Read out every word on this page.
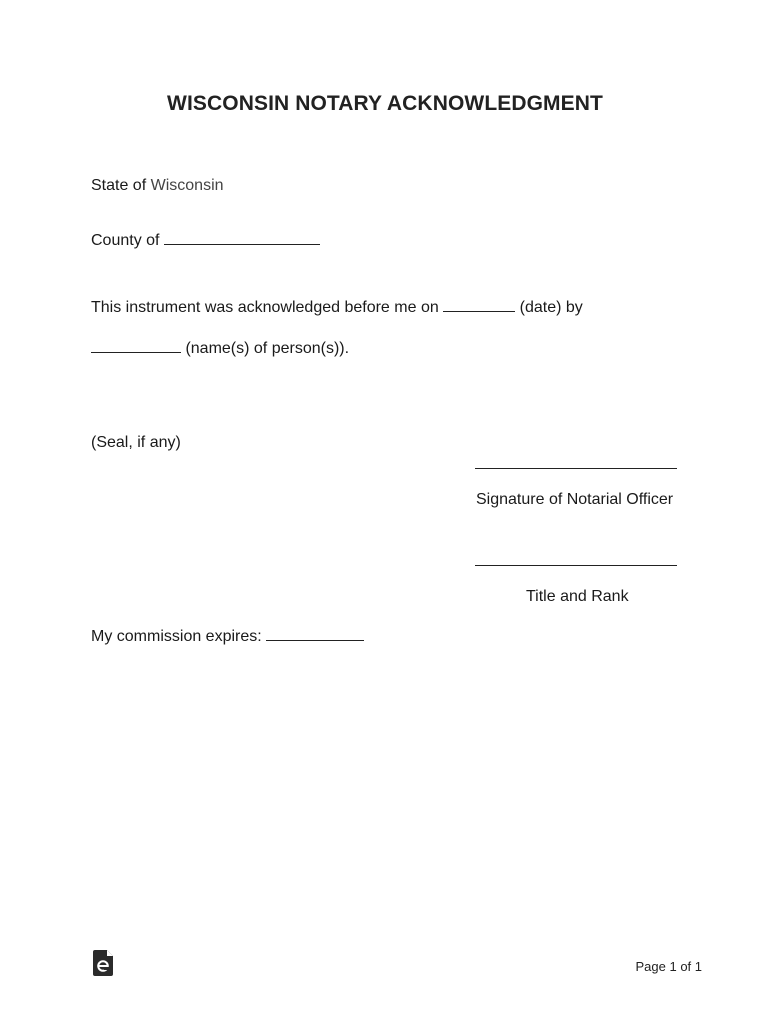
WISCONSIN NOTARY ACKNOWLEDGMENT
State of Wisconsin
County of
This instrument was acknowledged before me on	(date) by
(name(s) of person(s)).
(Seal, if any)
Signature of Notarial Officer
Title and Rank
My commission expires:
Page 1 of 1
